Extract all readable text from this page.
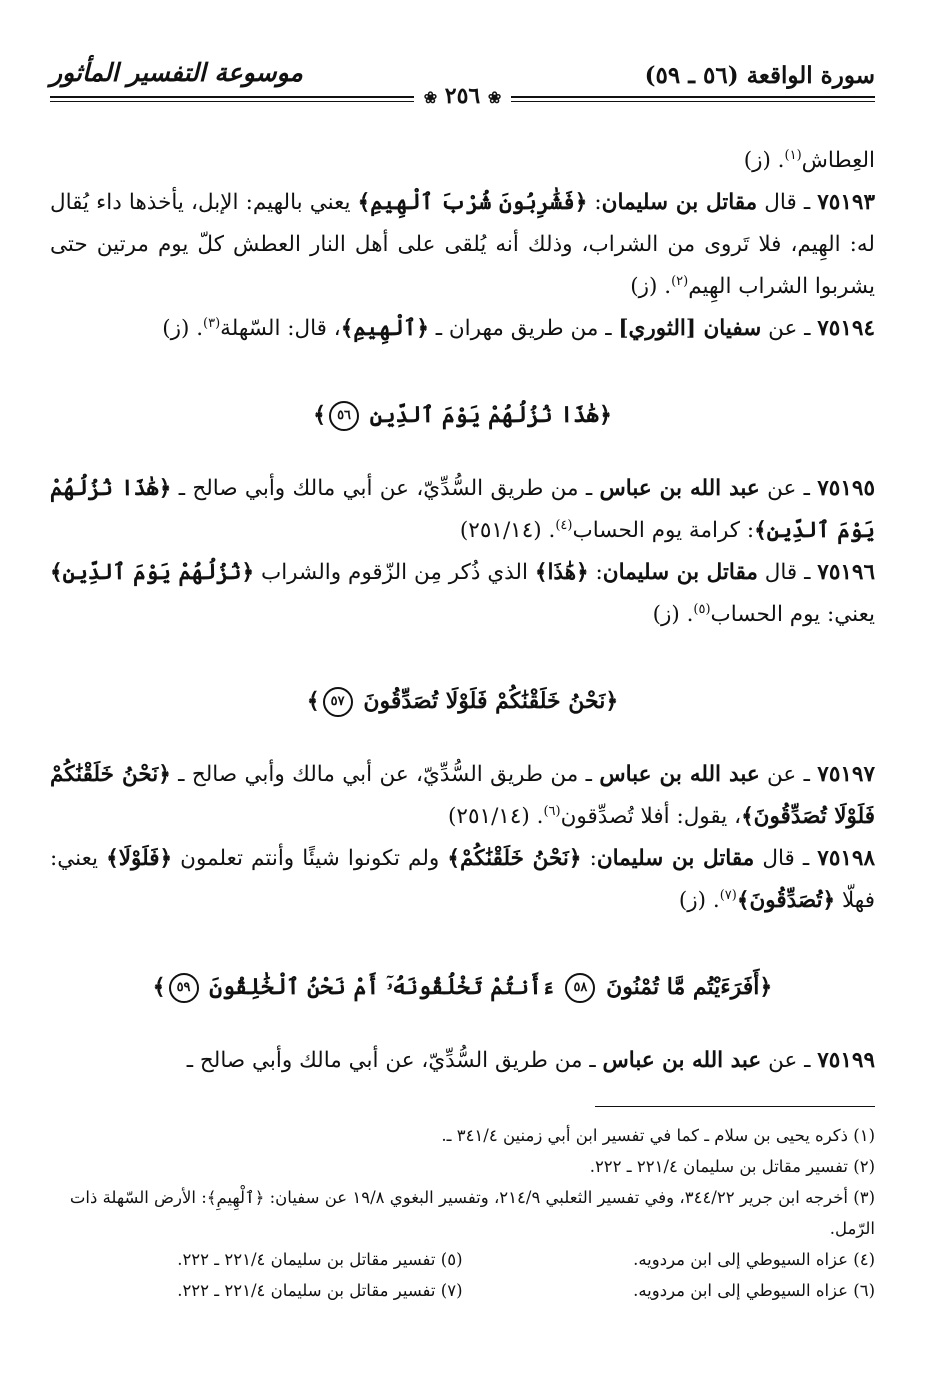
سورة الواقعة (٥٦ ـ ٥٩)
موسوعة التفسير المأثور
❀ ٢٥٦ ❀

العِطاش$^{(١)}$. (ز)

٧٥١٩٣ ـ قال مقاتل بن سليمان: ﴿فَشَٰرِبُونَ شُرْبَ ٱلْهِيمِ﴾ يعني بالهيم: الإبل، يأخذها داء يُقال له: الهِيم، فلا تَروى من الشراب، وذلك أنه يُلقى على أهل النار العطش كلّ يوم مرتين حتى يشربوا الشراب الهِيم$^{(٢)}$. (ز)

٧٥١٩٤ ـ عن سفيان [الثوري] ـ من طريق مهران ـ ﴿ٱلْهِيمِ﴾، قال: السّهلة$^{(٣)}$. (ز)

﴿هَٰذَا نُزُلُهُمْ يَوْمَ ٱلدِّينِ ٥٦﴾

٧٥١٩٥ ـ عن عبد الله بن عباس ـ من طريق السُّدِّيّ، عن أبي مالك وأبي صالح ـ ﴿هَٰذَا نُزُلُهُمْ يَوْمَ ٱلدِّينِ﴾: كرامة يوم الحساب$^{(٤)}$. (٢٥١/١٤)

٧٥١٩٦ ـ قال مقاتل بن سليمان: ﴿هَٰذَا﴾ الذي ذُكر مِن الزّقوم والشراب ﴿نُزُلُهُمْ يَوْمَ ٱلدِّينِ﴾ يعني: يوم الحساب$^{(٥)}$. (ز)

﴿نَحْنُ خَلَقْنَٰكُمْ فَلَوْلَا تُصَدِّقُونَ ٥٧﴾

٧٥١٩٧ ـ عن عبد الله بن عباس ـ من طريق السُّدِّيّ، عن أبي مالك وأبي صالح ـ ﴿نَحْنُ خَلَقْنَٰكُمْ فَلَوْلَا تُصَدِّقُونَ﴾، يقول: أفلا تُصدِّقون$^{(٦)}$. (٢٥١/١٤)

٧٥١٩٨ ـ قال مقاتل بن سليمان: ﴿نَحْنُ خَلَقْنَٰكُمْ﴾ ولم تكونوا شيئًا وأنتم تعلمون ﴿فَلَوْلَا﴾ يعني: فهلّا ﴿تُصَدِّقُونَ﴾$^{(٧)}$. (ز)

﴿أَفَرَءَيْتُم مَّا تُمْنُونَ ٥٨ ءَأَنتُمْ تَخْلُقُونَهُۥٓ أَمْ نَحْنُ ٱلْخَٰلِقُونَ ٥٩﴾

٧٥١٩٩ ـ عن عبد الله بن عباس ـ من طريق السُّدِّيّ، عن أبي مالك وأبي صالح ـ

(١) ذكره يحيى بن سلام ـ كما في تفسير ابن أبي زمنين ٣٤١/٤ ـ.

(٢) تفسير مقاتل بن سليمان ٢٢١/٤ ـ ٢٢٢.

(٣) أخرجه ابن جرير ٣٤٤/٢٢، وفي تفسير الثعلبي ٢١٤/٩، وتفسير البغوي ١٩/٨ عن سفيان: ﴿ٱلْهِيمِ﴾: الأرض السّهلة ذات الرّمل.

(٤) عزاه السيوطي إلى ابن مردويه.

(٥) تفسير مقاتل بن سليمان ٢٢١/٤ ـ ٢٢٢.

(٦) عزاه السيوطي إلى ابن مردويه.

(٧) تفسير مقاتل بن سليمان ٢٢١/٤ ـ ٢٢٢.
